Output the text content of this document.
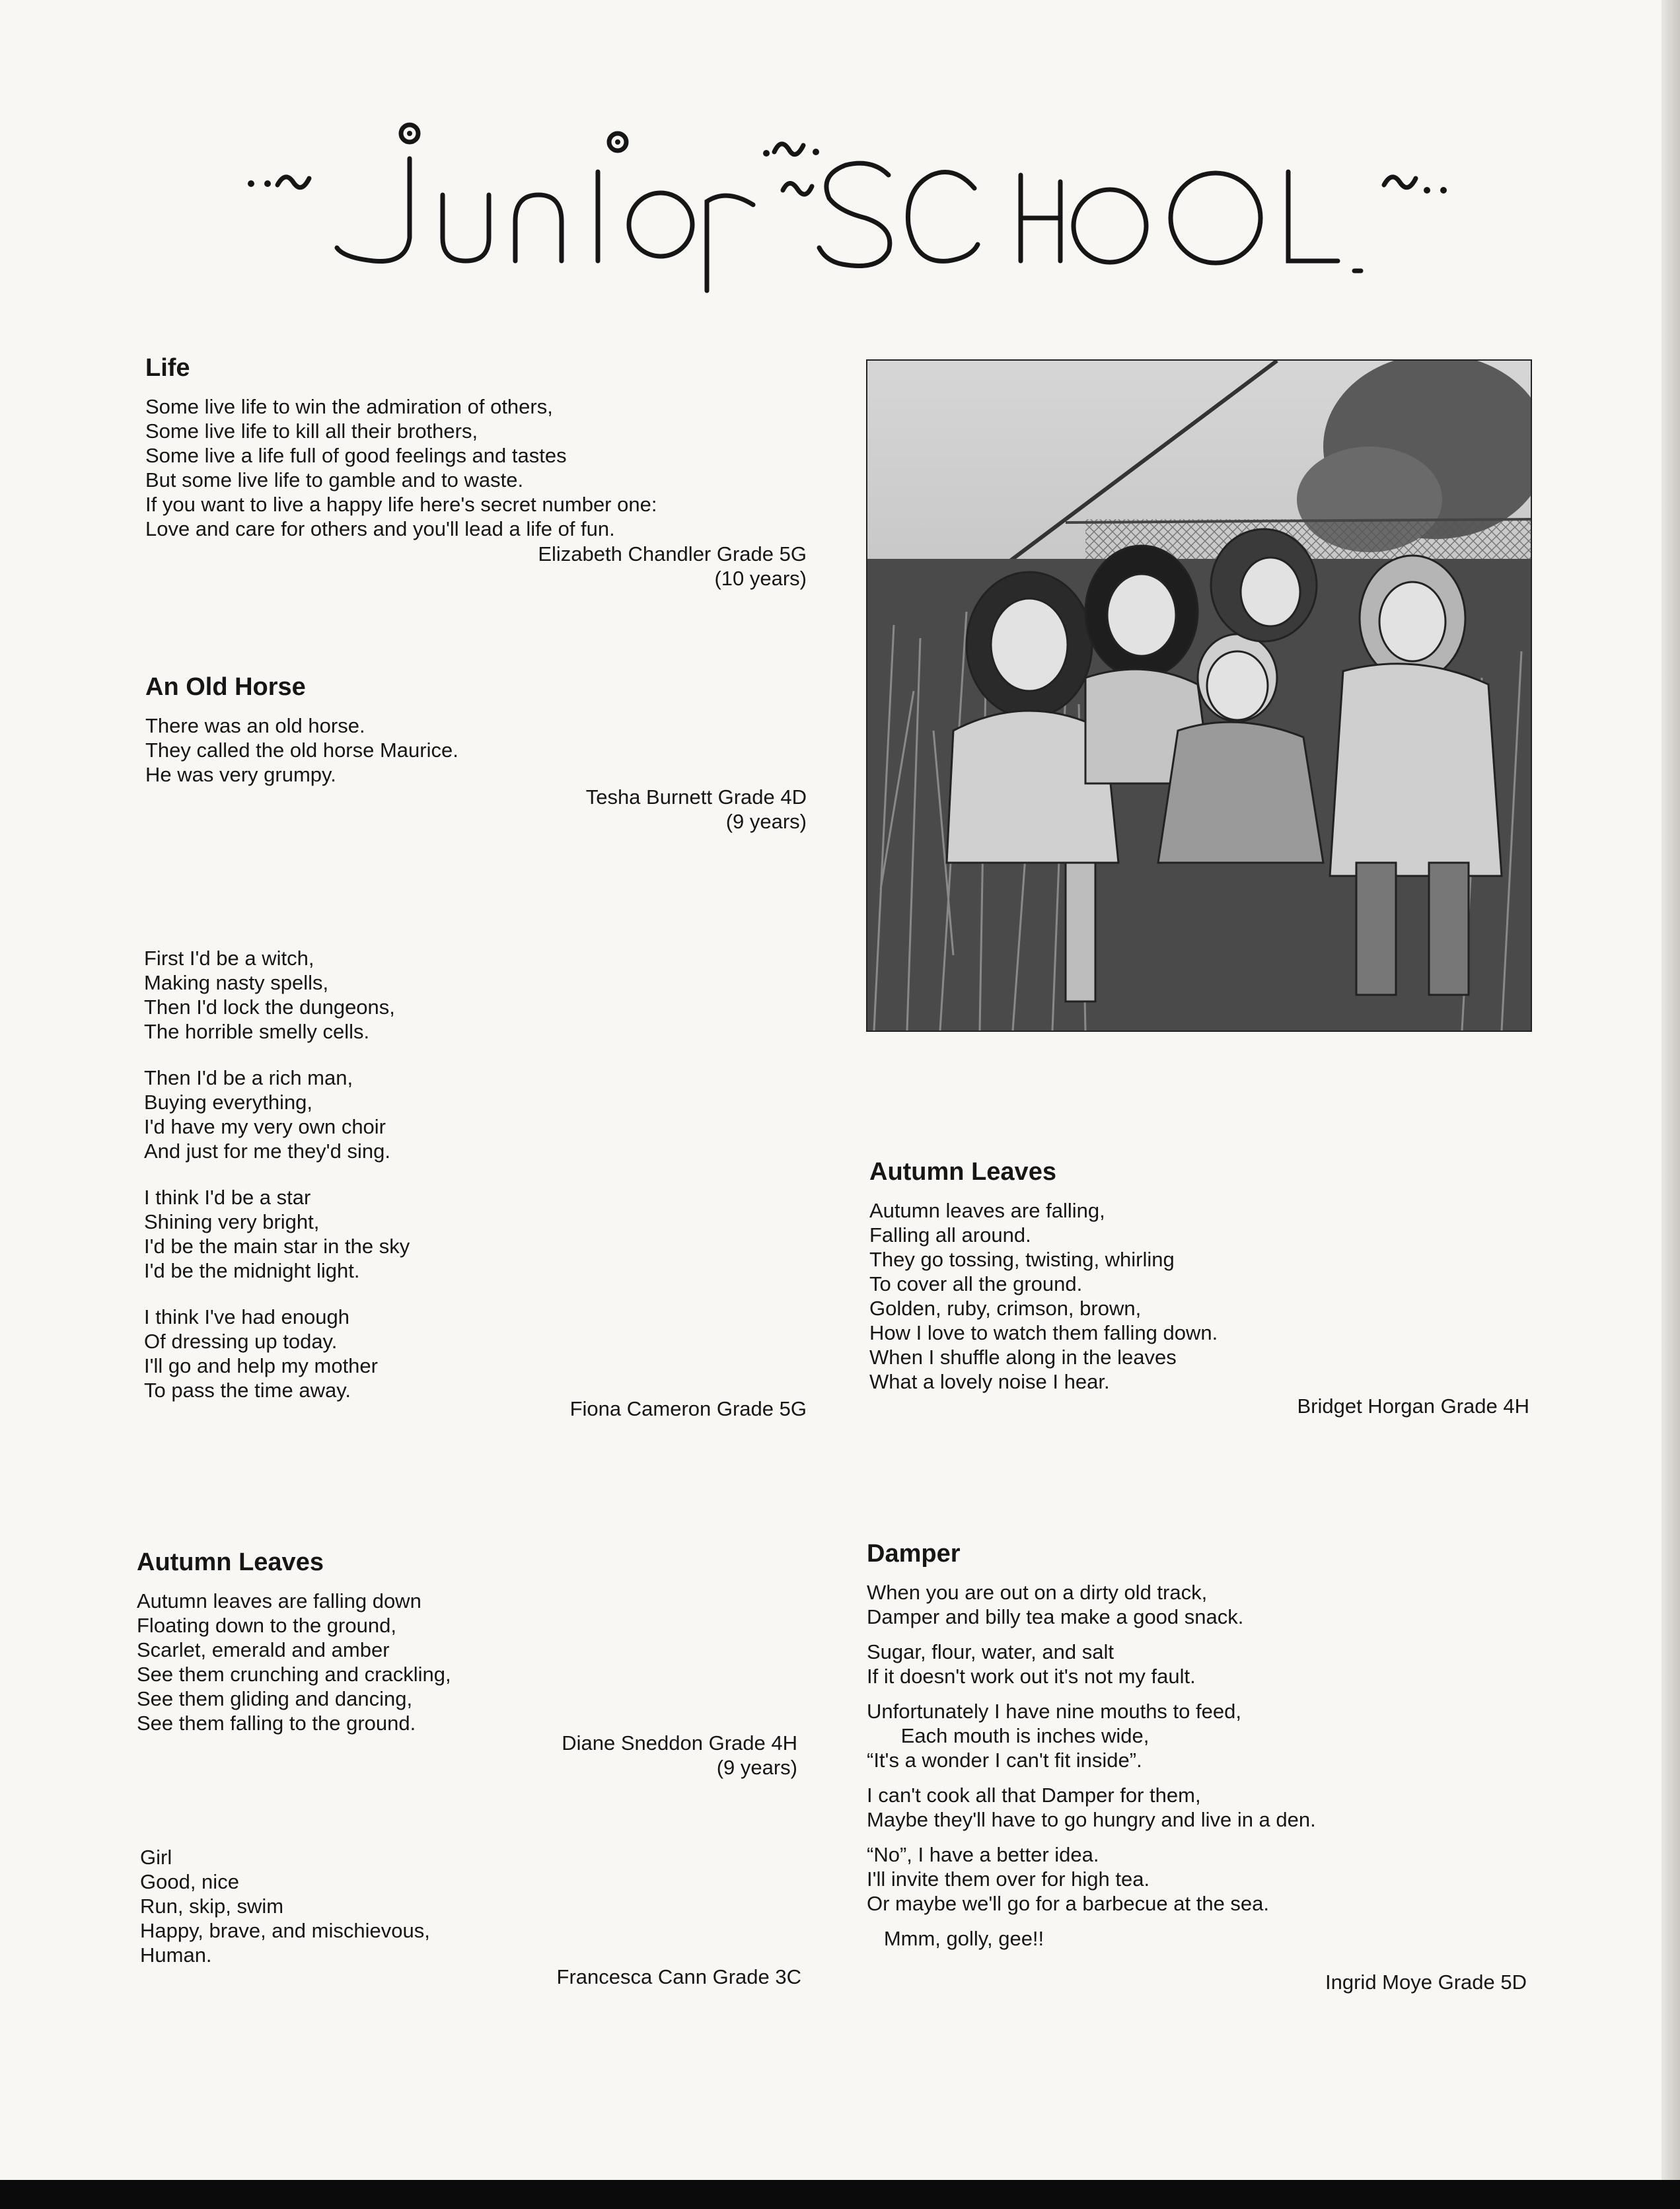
Life
Some live life to win the admiration of others,
Some live life to kill all their brothers,
Some live a life full of good feelings and tastes
But some live life to gamble and to waste.
If you want to live a happy life here's secret number one:
Love and care for others and you'll lead a life of fun.
Elizabeth Chandler Grade 5G
(10 years)
An Old Horse
There was an old horse.
They called the old horse Maurice.
He was very grumpy.
Tesha Burnett Grade 4D
(9 years)
First I'd be a witch,
Making nasty spells,
Then I'd lock the dungeons,
The horrible smelly cells.
Then I'd be a rich man,
Buying everything,
I'd have my very own choir
And just for me they'd sing.
I think I'd be a star
Shining very bright,
I'd be the main star in the sky
I'd be the midnight light.
I think I've had enough
Of dressing up today.
I'll go and help my mother
To pass the time away.
Fiona Cameron Grade 5G
Autumn Leaves
Autumn leaves are falling,
Falling all around.
They go tossing, twisting, whirling
To cover all the ground.
Golden, ruby, crimson, brown,
How I love to watch them falling down.
When I shuffle along in the leaves
What a lovely noise I hear.
Bridget Horgan Grade 4H
Autumn Leaves
Autumn leaves are falling down
Floating down to the ground,
Scarlet, emerald and amber
See them crunching and crackling,
See them gliding and dancing,
See them falling to the ground.
Diane Sneddon Grade 4H
(9 years)
Girl
Good, nice
Run, skip, swim
Happy, brave, and mischievous,
Human.
Francesca Cann Grade 3C
Damper
When you are out on a dirty old track,
Damper and billy tea make a good snack.
Sugar, flour, water, and salt
If it doesn't work out it's not my fault.
Unfortunately I have nine mouths to feed,
Each mouth is inches wide,
“It's a wonder I can't fit inside”.
I can't cook all that Damper for them,
Maybe they'll have to go hungry and live in a den.
“No”, I have a better idea.
I'll invite them over for high tea.
Or maybe we'll go for a barbecue at the sea.
Mmm, golly, gee!!
Ingrid Moye Grade 5D
